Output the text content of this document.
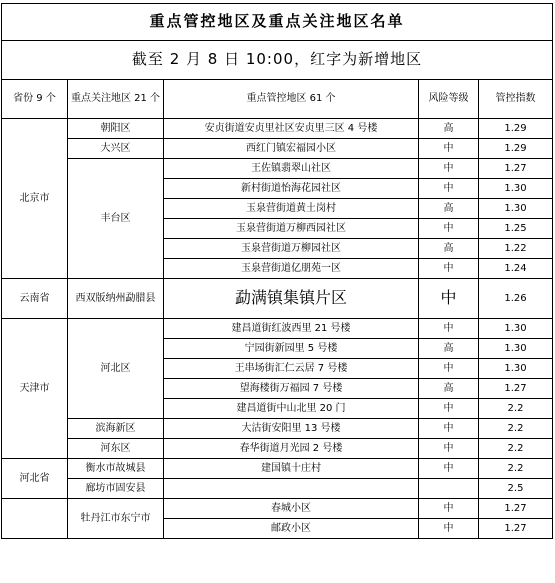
重点管控地区及重点关注地区名单				
截至 2 月 8 日 10:00，红字为新增地区				
省份 9 个	重点关注地区 21 个	重点管控地区 61 个	风险等级	管控指数
北京市	朝阳区	安贞街道安贞里社区安贞里三区 4 号楼	高	1.29
	大兴区	西红门镇宏福园小区	中	1.29
	丰台区	王佐镇翡翠山社区	中	1.27
		新村街道怡海花园社区	中	1.30
		玉泉营街道黄土岗村	高	1.30
		玉泉营街道万柳西园社区	中	1.25
		玉泉营街道万柳园社区	高	1.22
		玉泉营街道亿朋苑一区	中	1.24
云南省	西双版纳州勐腊县	勐满镇集镇片区	中	1.26
天津市	河北区	建昌道街红波西里 21 号楼	中	1.30
		宁园街新园里 5 号楼	高	1.30
		王串场街汇仁云居 7 号楼	中	1.30
		望海楼街万福园 7 号楼	高	1.27
		建昌道街中山北里 20 门	中	2.2
	滨海新区	大沽街安阳里 13 号楼	中	2.2
	河东区	春华街道月光园 2 号楼	中	2.2
河北省	衡水市故城县	建国镇十庄村	中	2.2
	廊坊市固安县			2.5
	牡丹江市东宁市	春城小区	中	1.27
		邮政小区	中	1.27
